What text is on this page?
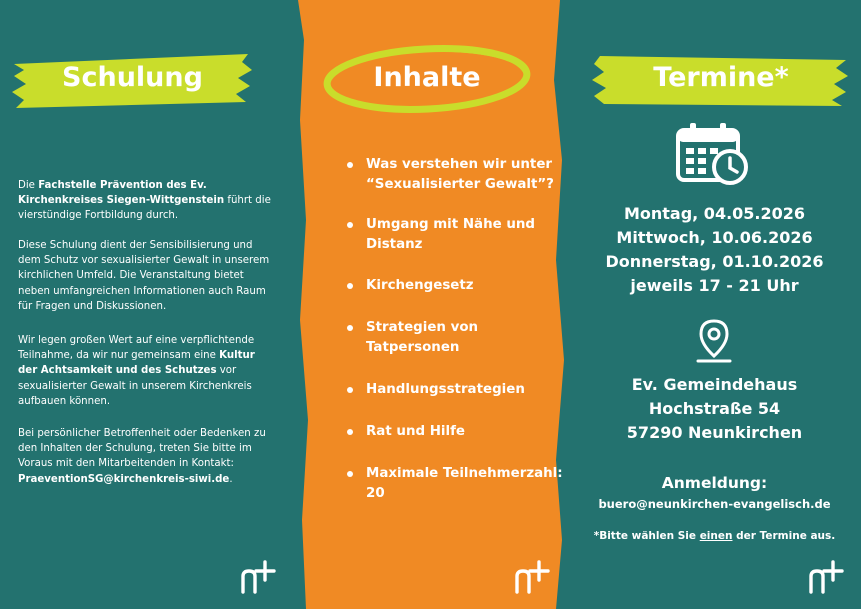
Schulung
Die Fachstelle Prävention des Ev. Kirchenkreises Siegen-Wittgenstein führt die vierstündige Fortbildung durch.
Diese Schulung dient der Sensibilisierung und dem Schutz vor sexualisierter Gewalt in unserem kirchlichen Umfeld. Die Veranstaltung bietet neben umfangreichen Informationen auch Raum für Fragen und Diskussionen.
Wir legen großen Wert auf eine verpflichtende Teilnahme, da wir nur gemeinsam eine Kultur der Achtsamkeit und des Schutzes vor sexualisierter Gewalt in unserem Kirchenkreis aufbauen können.
Bei persönlicher Betroffenheit oder Bedenken zu den Inhalten der Schulung, treten Sie bitte im Voraus mit den Mitarbeitenden in Kontakt: PraeventionSG@kirchenkreis-siwi.de.
Inhalte
Was verstehen wir unter “Sexualisierter Gewalt”?
Umgang mit Nähe und Distanz
Kirchengesetz
Strategien von Tatpersonen
Handlungsstrategien
Rat und Hilfe
Maximale Teilnehmerzahl: 20
Termine*
Montag, 04.05.2026
Mittwoch, 10.06.2026
Donnerstag, 01.10.2026
jeweils 17 - 21 Uhr
Ev. Gemeindehaus
Hochstraße 54
57290 Neunkirchen
Anmeldung:
buero@neunkirchen-evangelisch.de
*Bitte wählen Sie einen der Termine aus.
